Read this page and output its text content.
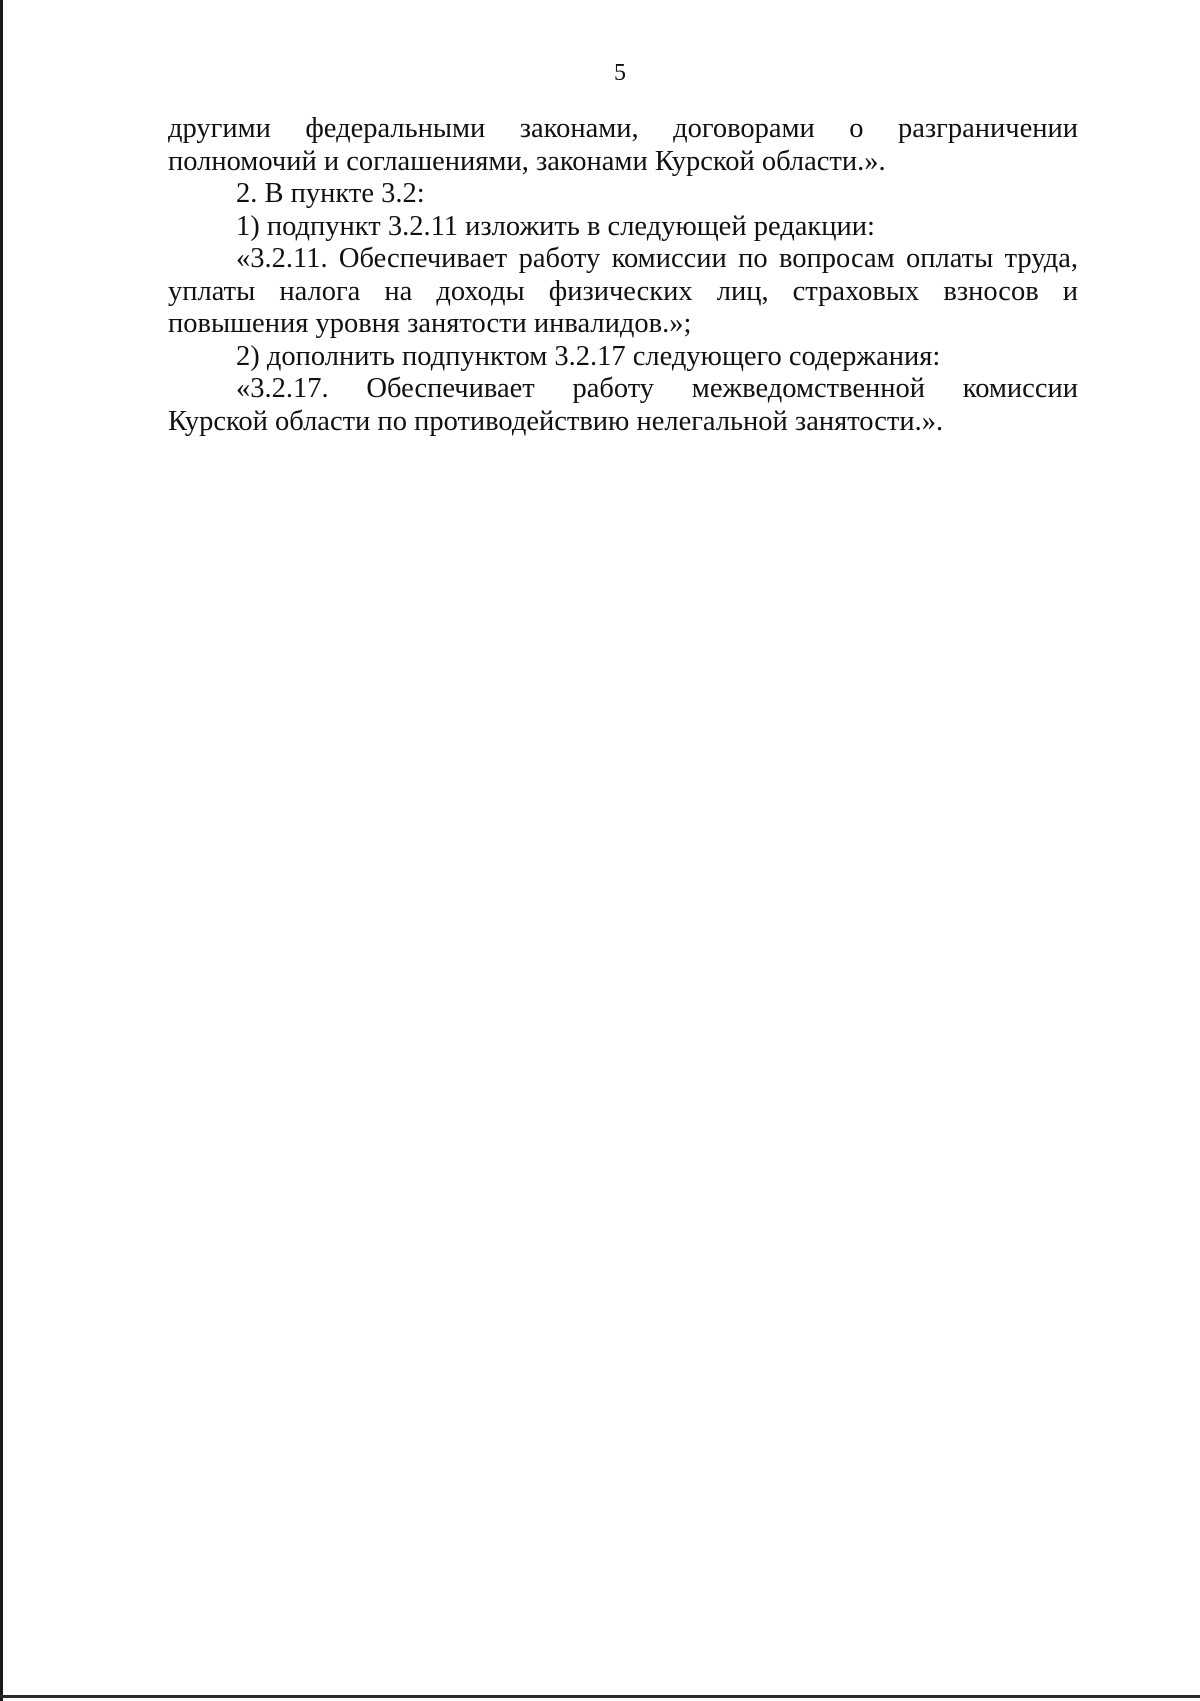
5
другими федеральными законами, договорами о разграничении
полномочий и соглашениями, законами Курской области.».
2. В пункте 3.2:
1) подпункт 3.2.11 изложить в следующей редакции:
«3.2.11. Обеспечивает работу комиссии по вопросам оплаты труда,
уплаты налога на доходы физических лиц, страховых взносов и
повышения уровня занятости инвалидов.»;
2) дополнить подпунктом 3.2.17 следующего содержания:
«3.2.17. Обеспечивает работу межведомственной комиссии
Курской области по противодействию нелегальной занятости.».
